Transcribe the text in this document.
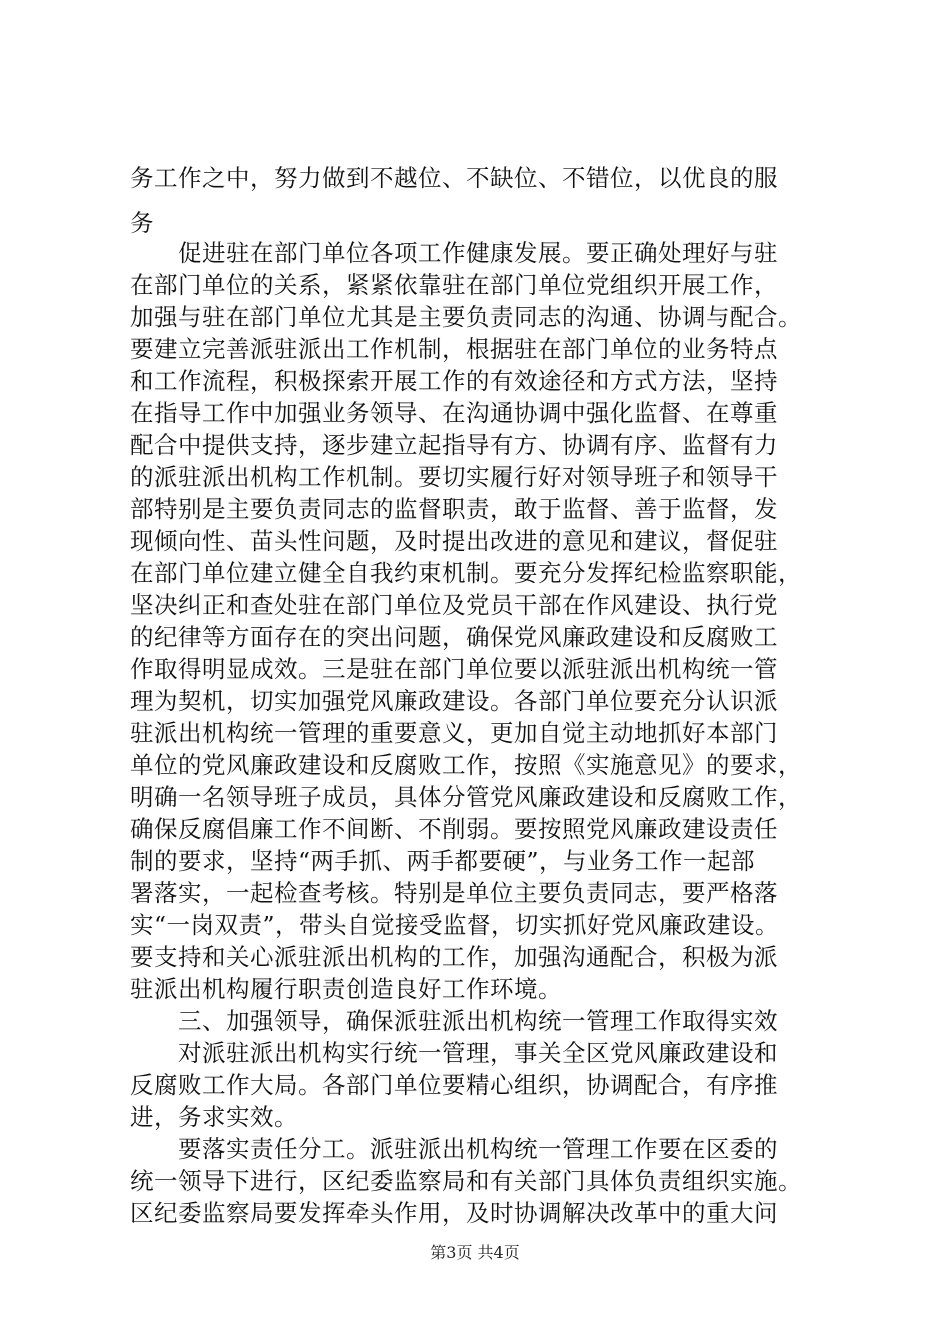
务工作之中，努力做到不越位、不缺位、不错位，以优良的服
务
促进驻在部门单位各项工作健康发展。要正确处理好与驻
在部门单位的关系，紧紧依靠驻在部门单位党组织开展工作，
加强与驻在部门单位尤其是主要负责同志的沟通、协调与配合。
要建立完善派驻派出工作机制，根据驻在部门单位的业务特点
和工作流程，积极探索开展工作的有效途径和方式方法，坚持
在指导工作中加强业务领导、在沟通协调中强化监督、在尊重
配合中提供支持，逐步建立起指导有方、协调有序、监督有力
的派驻派出机构工作机制。要切实履行好对领导班子和领导干
部特别是主要负责同志的监督职责，敢于监督、善于监督，发
现倾向性、苗头性问题，及时提出改进的意见和建议，督促驻
在部门单位建立健全自我约束机制。要充分发挥纪检监察职能，
坚决纠正和查处驻在部门单位及党员干部在作风建设、执行党
的纪律等方面存在的突出问题，确保党风廉政建设和反腐败工
作取得明显成效。三是驻在部门单位要以派驻派出机构统一管
理为契机，切实加强党风廉政建设。各部门单位要充分认识派
驻派出机构统一管理的重要意义，更加自觉主动地抓好本部门
单位的党风廉政建设和反腐败工作，按照《实施意见》的要求，
明确一名领导班子成员，具体分管党风廉政建设和反腐败工作，
确保反腐倡廉工作不间断、不削弱。要按照党风廉政建设责任
制的要求，坚持“两手抓、两手都要硬”，与业务工作一起部
署落实，一起检查考核。特别是单位主要负责同志，要严格落
实“一岗双责”，带头自觉接受监督，切实抓好党风廉政建设。
要支持和关心派驻派出机构的工作，加强沟通配合，积极为派
驻派出机构履行职责创造良好工作环境。
三、加强领导，确保派驻派出机构统一管理工作取得实效
对派驻派出机构实行统一管理，事关全区党风廉政建设和
反腐败工作大局。各部门单位要精心组织，协调配合，有序推
进，务求实效。
要落实责任分工。派驻派出机构统一管理工作要在区委的
统一领导下进行，区纪委监察局和有关部门具体负责组织实施。
区纪委监察局要发挥牵头作用，及时协调解决改革中的重大问
第3页 共4页
